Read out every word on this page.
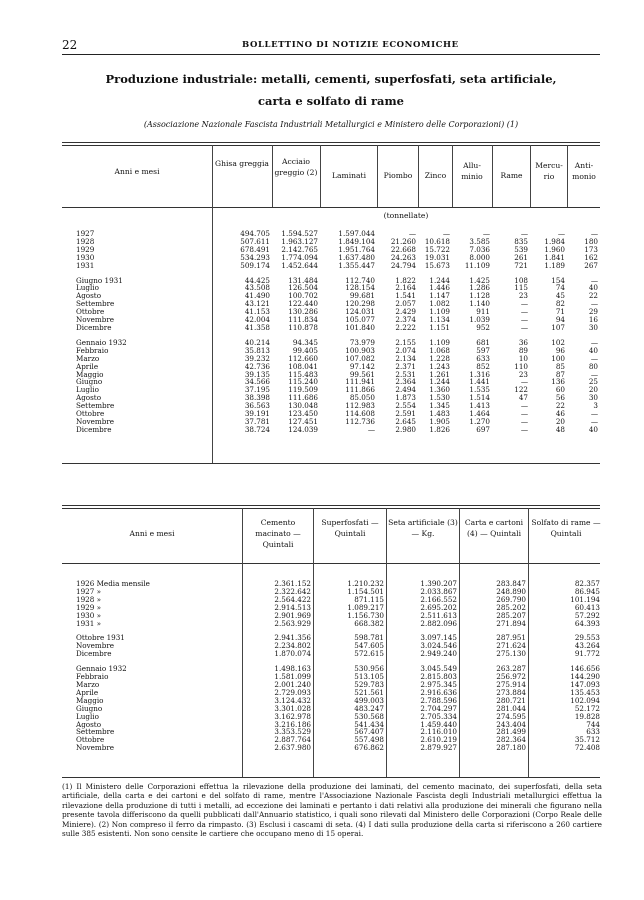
22	BOLLETTINO DI NOTIZIE ECONOMICHE
Produzione industriale: metalli, cementi, superfosfati, seta artificiale,
carta e solfato di rame
(Associazione Nazionale Fascista Industriali Metallurgici e Ministero delle Corporazioni) (1)
Anni e mesi
Ghisa greggia	Acciaio greggio (2)	Laminati	Piombo	Zinco
Allu-minio	Rame
Mercu-rio
Anti-monio
(tonnellate)
1927	494.705	1.594.527	1.597.044	—	—	—	—	—	—
1928	507.611	1.963.127	1.849.104	21.260	10.618	3.585	835	1.984	180
1929	678.491	2.142.765	1.951.764	22.668	15.722	7.036	539	1.960	173
1930	534.293	1.774.094	1.637.480	24.263	19.031	8.000	261	1.841	162
1931	509.174	1.452.644	1.355.447	24.794	15.673	11.109	721	1.189	267

Giugno 1931	44.425	131.484	112.740	1.822	1.244	1.425	108	154	—
Luglio	43.508	126.504	128.154	2.164	1.446	1.286	115	74	40
Agosto	41.490	100.702	99.681	1.541	1.147	1.128	23	45	22
Settembre	43.121	122.440	120.298	2.057	1.082	1.140	—	82	—
Ottobre	41.153	130.286	124.031	2.429	1.109	911	—	71	29
Novembre	42.004	111.834	105.077	2.374	1.134	1.039	—	94	16
Dicembre	41.358	110.878	101.840	2.222	1.151	952	—	107	30

Gennaio 1932	40.214	94.345	73.979	2.155	1.109	681	36	102	—
Febbraio	35.813	99.405	100.903	2.074	1.068	597	89	96	40
Marzo	39.232	112.660	107.082	2.134	1.228	633	10	100	—
Aprile	42.736	108.041	97.142	2.371	1.243	852	110	85	80
Maggio	39.135	115.483	99.561	2.531	1.261	1.316	23	87	—
Giugno	34.566	115.240	111.941	2.364	1.244	1.441	—	136	25
Luglio	37.195	119.509	111.866	2.494	1.360	1.535	122	60	20
Agosto	38.398	111.686	85.050	1.873	1.530	1.514	47	56	30
Settembre	36.563	130.048	112.983	2.554	1.345	1.413	—	22	3
Ottobre	39.191	123.450	114.608	2.591	1.483	1.464	—	46	—
Novembre	37.781	127.451	112.736	2.645	1.905	1.270	—	20	—
Dicembre	38.724	124.039	—	2.980	1.826	697	—	48	40
Anni e mesi
Cemento macinato — Quintali
Superfosfati — Quintali
Seta artificiale (3) — Kg.
Carta e cartoni (4) — Quintali
Solfato di rame — Quintali
1926 Media mensile	2.361.152	1.210.232	1.390.207	283.847	82.357
1927 »	2.322.642	1.154.501	2.033.867	248.890	86.945
1928 »	2.564.422	871.115	2.166.552	269.790	101.194
1929 »	2.914.513	1.089.217	2.695.202	285.202	60.413
1930 »	2.901.969	1.156.730	2.511.613	285.207	57.292
1931 »	2.563.929	668.382	2.882.096	271.894	64.393

Ottobre 1931	2.941.356	598.781	3.097.145	287.951	29.553
Novembre	2.234.802	547.605	3.024.546	271.624	43.264
Dicembre	1.870.074	572.615	2.949.240	275.130	91.772

Gennaio 1932	1.498.163	530.956	3.045.549	263.287	146.656
Febbraio	1.581.099	513.105	2.815.803	256.972	144.290
Marzo	2.001.240	529.783	2.975.345	275.914	147.093
Aprile	2.729.093	521.561	2.916.636	273.884	135.453
Maggio	3.124.432	499.003	2.788.596	280.721	102.094
Giugno	3.301.028	483.247	2.704.297	281.044	52.172
Luglio	3.162.978	530.568	2.705.334	274.595	19.828
Agosto	3.216.186	541.434	1.459.440	243.404	744
Settembre	3.353.529	567.407	2.116.010	281.499	633
Ottobre	2.887.764	557.498	2.610.219	282.364	35.712
Novembre	2.637.980	676.862	2.879.927	287.180	72.408
(1) Il Ministero delle Corporazioni effettua la rilevazione della produzione dei laminati, del cemento macinato, dei superfosfati, della seta artificiale, della carta e dei cartoni e del solfato di rame, mentre l'Associazione Nazionale Fascista degli Industriali metallurgici effettua la rilevazione della produzione di tutti i metalli, ad eccezione dei laminati e pertanto i dati relativi alla produzione dei minerali che figurano nella presente tavola differiscono da quelli pubblicati dall'Annuario statistico, i quali sono rilevati dal Ministero delle Corporazioni (Corpo Reale delle Miniere). (2) Non compreso il ferro da rimpasto. (3) Esclusi i cascami di seta. (4) I dati sulla produzione della carta si riferiscono a 260 cartiere sulle 385 esistenti. Non sono censite le cartiere che occupano meno di 15 operai.
